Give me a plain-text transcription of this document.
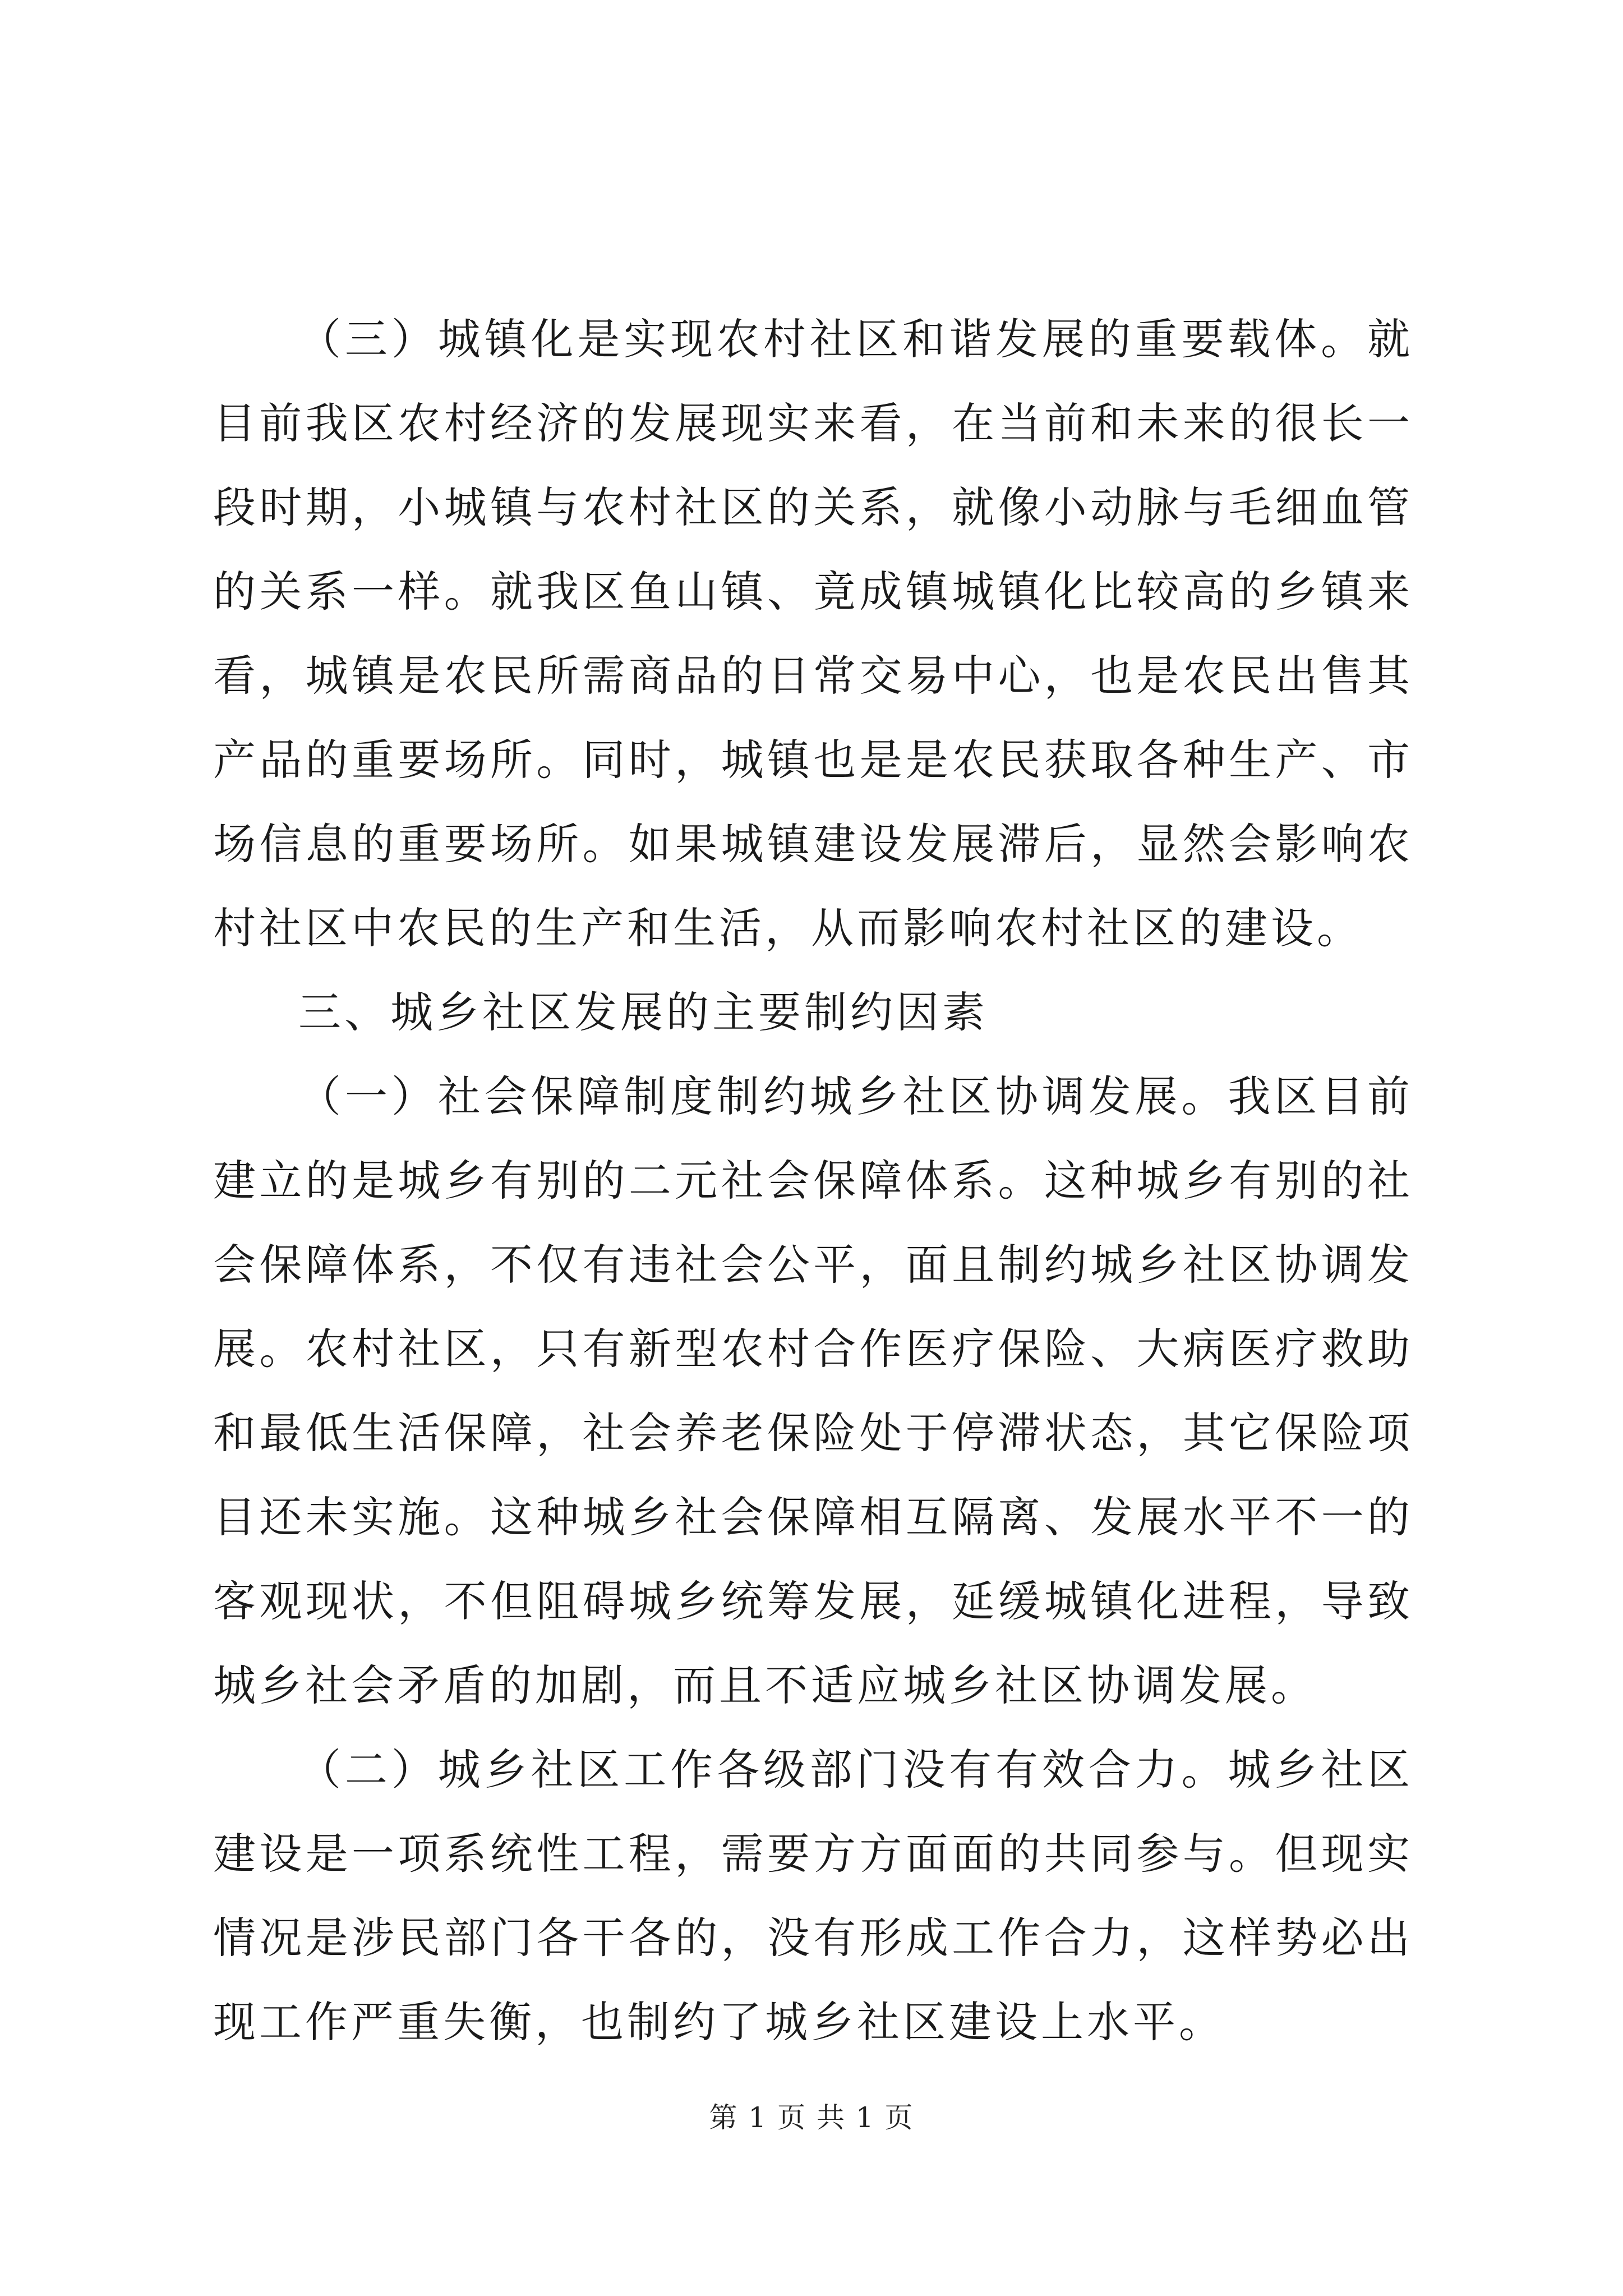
（三）城镇化是实现农村社区和谐发展的重要载体。就目前我区农村经济的发展现实来看，在当前和未来的很长一段时期，小城镇与农村社区的关系，就像小动脉与毛细血管的关系一样。就我区鱼山镇、竟成镇城镇化比较高的乡镇来看，城镇是农民所需商品的日常交易中心，也是农民出售其产品的重要场所。同时，城镇也是是农民获取各种生产、市场信息的重要场所。如果城镇建设发展滞后，显然会影响农村社区中农民的生产和生活，从而影响农村社区的建设。

三、城乡社区发展的主要制约因素

（一）社会保障制度制约城乡社区协调发展。我区目前建立的是城乡有别的二元社会保障体系。这种城乡有别的社会保障体系，不仅有违社会公平，面且制约城乡社区协调发展。农村社区，只有新型农村合作医疗保险、大病医疗救助和最低生活保障，社会养老保险处于停滞状态，其它保险项目还未实施。这种城乡社会保障相互隔离、发展水平不一的客观现状，不但阻碍城乡统筹发展，延缓城镇化进程，导致城乡社会矛盾的加剧，而且不适应城乡社区协调发展。

（二）城乡社区工作各级部门没有有效合力。城乡社区建设是一项系统性工程，需要方方面面的共同参与。但现实情况是涉民部门各干各的，没有形成工作合力，这样势必出现工作严重失衡，也制约了城乡社区建设上水平。

第 1 页 共 1 页
